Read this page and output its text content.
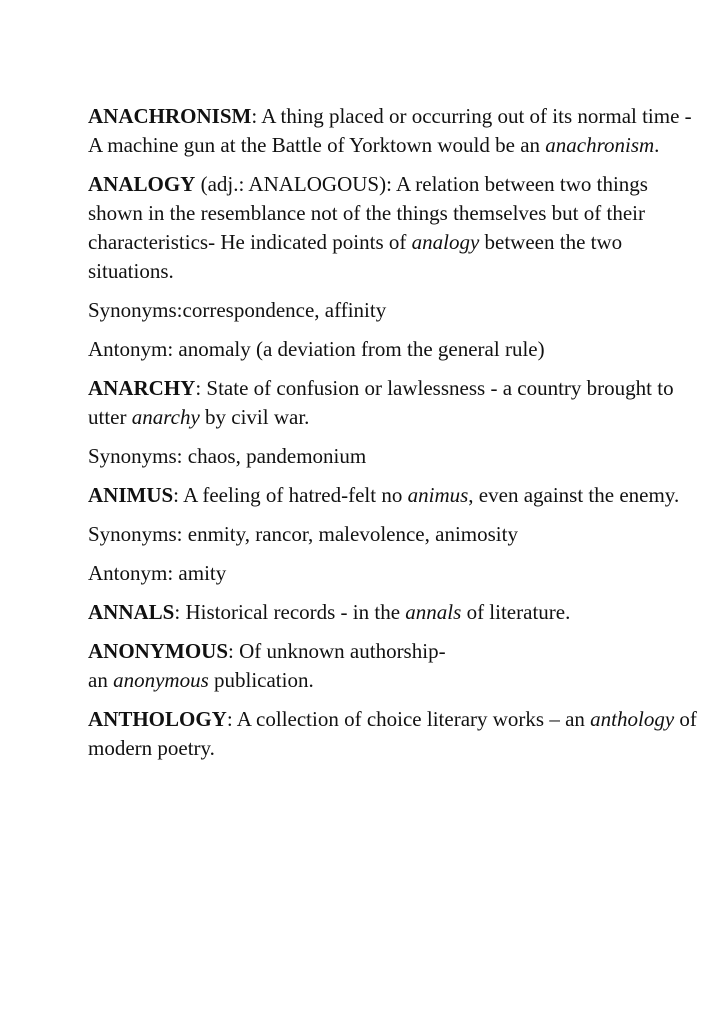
ANACHRONISM: A thing placed or occurring out of its normal time - A machine gun at the Battle of Yorktown would be an anachronism.

ANALOGY (adj.: ANALOGOUS): A relation between two things shown in the resemblance not of the things themselves but of their characteristics- He indicated points of analogy between the two situations.

Synonyms:correspondence, affinity

Antonym: anomaly (a deviation from the general rule)

ANARCHY: State of confusion or lawlessness - a country brought to utter anarchy by civil war.

Synonyms: chaos, pandemonium

ANIMUS: A feeling of hatred-felt no animus, even against the enemy.

Synonyms: enmity, rancor, malevolence, animosity

Antonym: amity

ANNALS: Historical records - in the annals of literature.

ANONYMOUS: Of unknown authorship-
an anonymous publication.

ANTHOLOGY: A collection of choice literary works – an anthology of modern poetry.
